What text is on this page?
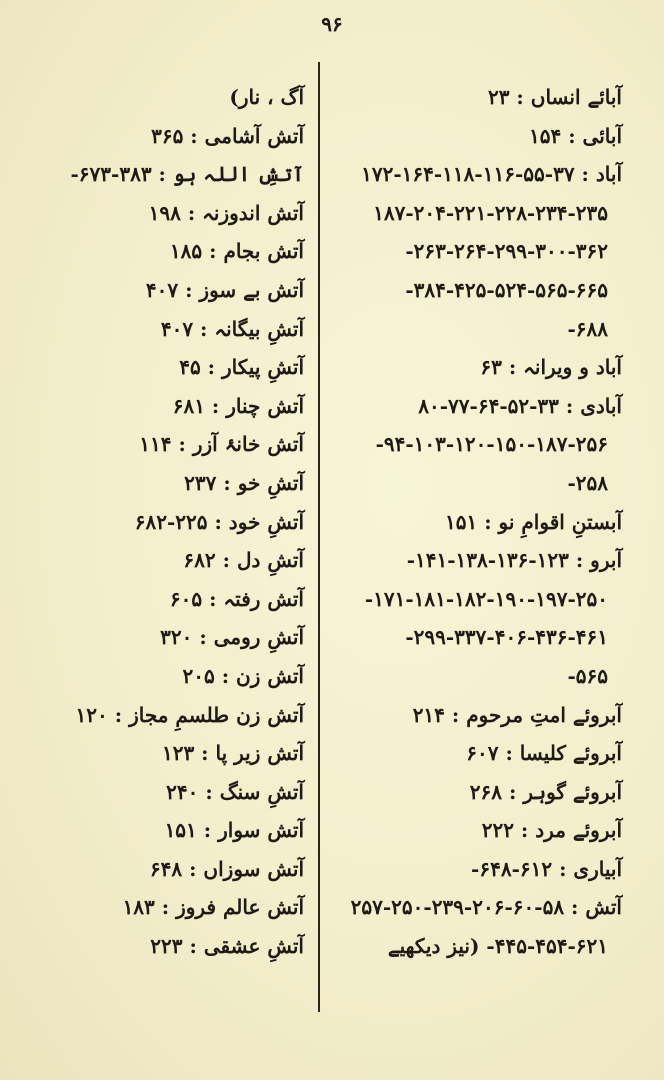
۹۶
آبائے انساں : ۲۳
آبائی : ۱۵۴
آباد : ۳۷-۵۵-۱۱۶-۱۱۸-۱۶۴-۱۷۲
۱۸۷-۲۰۴-۲۲۱-۲۲۸-۲۳۴-۲۳۵
۲۶۳-۲۶۴-۲۹۹-۳۰۰-۳۶۲-
۳۸۴-۴۲۵-۵۲۴-۵۶۵-۶۶۵-
۶۸۸-
آباد و ویرانہ : ۶۳
آبادی : ۳۳-۵۲-۶۴-۷۷-۸۰
۹۴-۱۰۳-۱۲۰-۱۵۰-۱۸۷-۲۵۶-
۲۵۸-
آبستنِ اقوامِ نو : ۱۵۱
آبرو : ۱۲۳-۱۳۶-۱۳۸-۱۴۱-
۱۷۱-۱۸۱-۱۸۲-۱۹۰-۱۹۷-۲۵۰-
۲۹۹-۳۳۷-۴۰۶-۴۳۶-۴۶۱-
۵۶۵-
آبروئے امتِ مرحوم : ۲۱۴
آبروئے کلیسا : ۶۰۷
آبروئے گوہر : ۲۶۸
آبروئے مرد : ۲۲۲
آبیاری : ۶۱۲-۶۴۸-
آتش : ۵۸-۶۰-۲۰۶-۲۳۹-۲۵۰-۲۵۷
۴۴۵-۴۵۴-۶۲۱- (نیز دیکھیے
آگ ، نار)
آتش آشامی : ۳۶۵
آتشِ اللہ ہو : ۳۸۳-۶۷۳-
آتش اندوزنہ : ۱۹۸
آتش بجام : ۱۸۵
آتش بے سوز : ۴۰۷
آتشِ بیگانہ : ۴۰۷
آتشِ پیکار : ۴۵
آتش چنار : ۶۸۱
آتش خانۂ آزر : ۱۱۴
آتشِ خو : ۲۳۷
آتشِ خود : ۲۲۵-۶۸۲
آتشِ دل : ۶۸۲
آتش رفتہ : ۶۰۵
آتشِ رومی : ۳۲۰
آتش زن : ۲۰۵
آتش زن طلسمِ مجاز : ۱۲۰
آتش زیر پا : ۱۲۳
آتشِ سنگ : ۲۴۰
آتش سوار : ۱۵۱
آتش سوزاں : ۶۴۸
آتش عالم فروز : ۱۸۳
آتشِ عشقی : ۲۲۳
